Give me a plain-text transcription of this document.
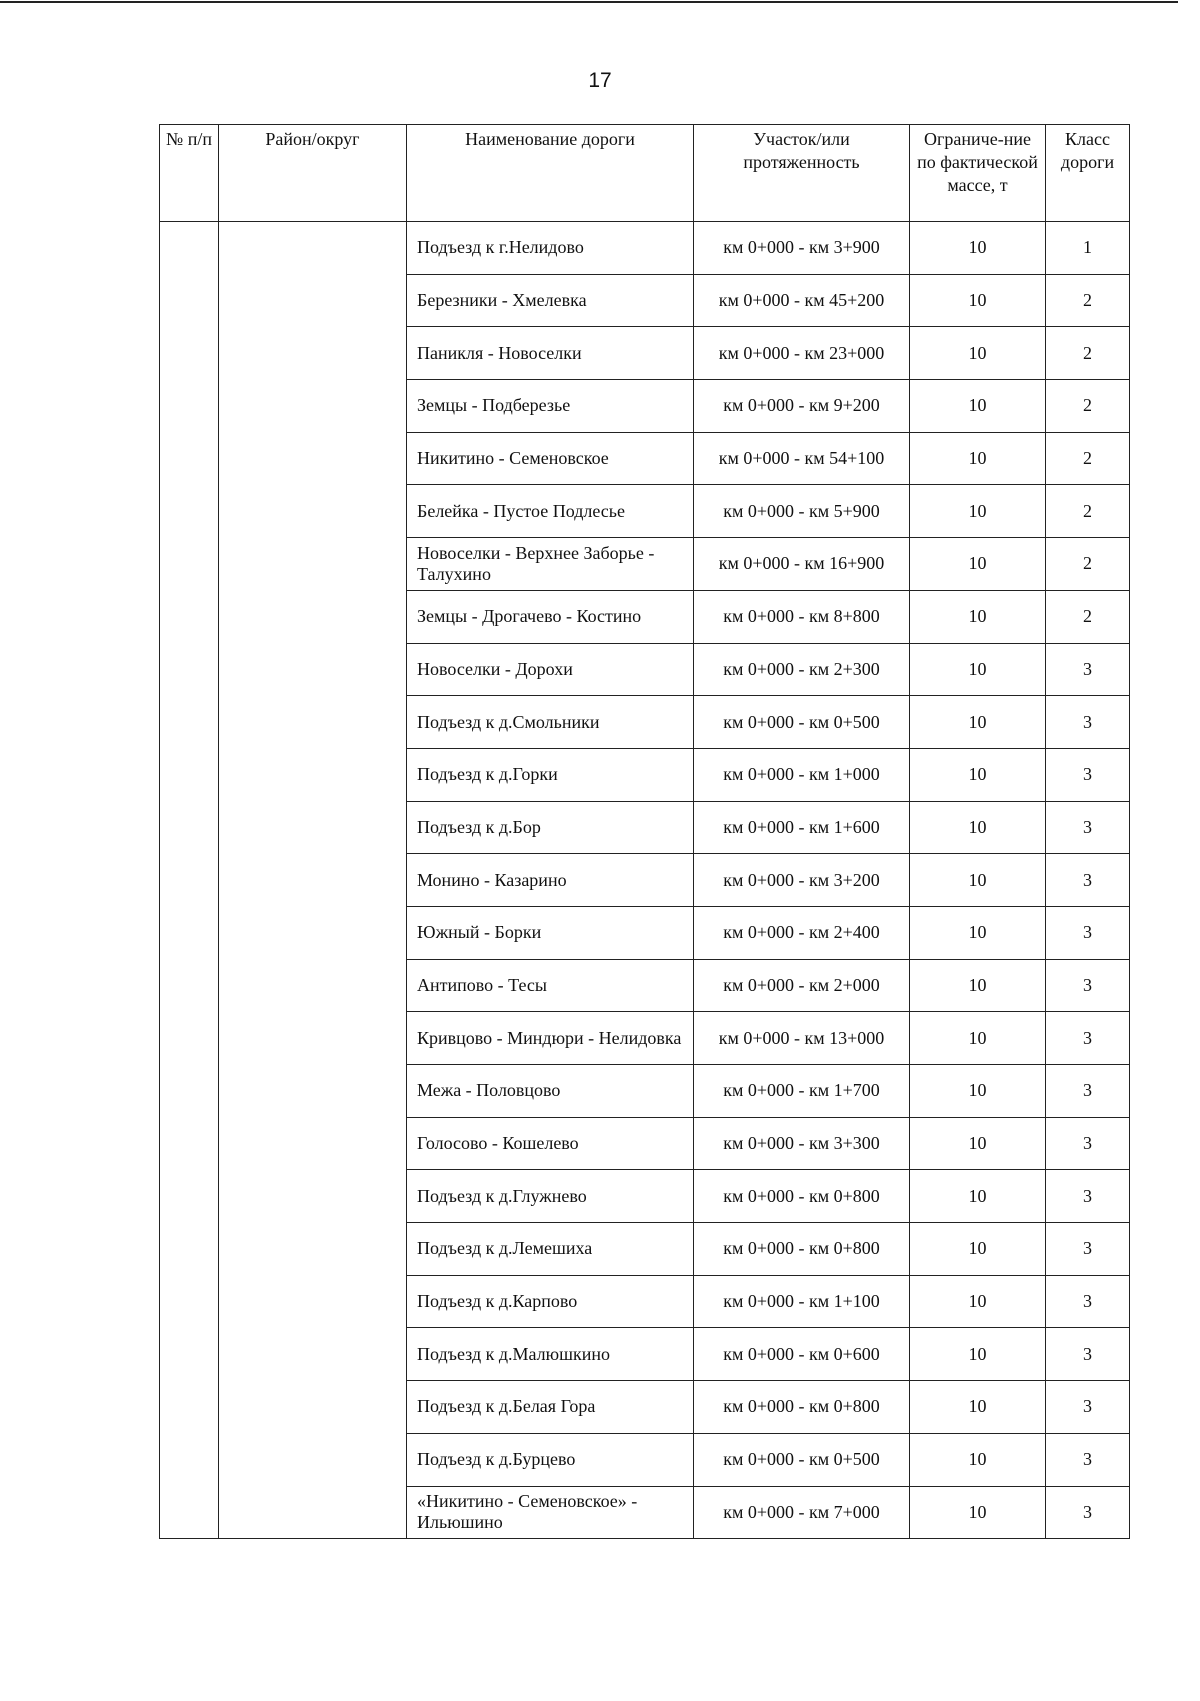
17
№ п/п	Район/округ	Наименование дороги	Участок/или протяженность	Ограниче-ние по фактической массе, т	Класс дороги
		Подъезд к г.Нелидово	км 0+000 - км 3+900	10	1
		Березники - Хмелевка	км 0+000 - км 45+200	10	2
		Паникля - Новоселки	км 0+000 - км 23+000	10	2
		Земцы - Подберезье	км 0+000 - км 9+200	10	2
		Никитино - Семеновское	км 0+000 - км 54+100	10	2
		Белейка - Пустое Подлесье	км 0+000 - км 5+900	10	2
		Новоселки - Верхнее Заборье - Талухино	км 0+000 - км 16+900	10	2
		Земцы - Дрогачево - Костино	км 0+000 - км 8+800	10	2
		Новоселки - Дорохи	км 0+000 - км 2+300	10	3
		Подъезд к д.Смольники	км 0+000 - км 0+500	10	3
		Подъезд к д.Горки	км 0+000 - км 1+000	10	3
		Подъезд к д.Бор	км 0+000 - км 1+600	10	3
		Монино - Казарино	км 0+000 - км 3+200	10	3
		Южный - Борки	км 0+000 - км 2+400	10	3
		Антипово - Тесы	км 0+000 - км 2+000	10	3
		Кривцово - Миндюри - Нелидовка	км 0+000 - км 13+000	10	3
		Межа - Половцово	км 0+000 - км 1+700	10	3
		Голосово - Кошелево	км 0+000 - км 3+300	10	3
		Подъезд к д.Глужнево	км 0+000 - км 0+800	10	3
		Подъезд к д.Лемешиха	км 0+000 - км 0+800	10	3
		Подъезд к д.Карпово	км 0+000 - км 1+100	10	3
		Подъезд к д.Малюшкино	км 0+000 - км 0+600	10	3
		Подъезд к д.Белая Гора	км 0+000 - км 0+800	10	3
		Подъезд к д.Бурцево	км 0+000 - км 0+500	10	3
		«Никитино - Семеновское» - Ильюшино	км 0+000 - км 7+000	10	3
